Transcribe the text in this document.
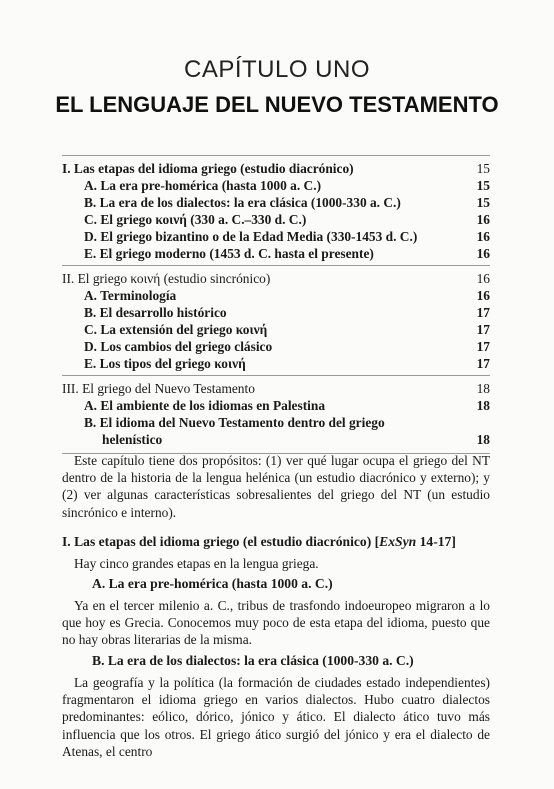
CAPÍTULO UNO
EL LENGUAJE DEL NUEVO TESTAMENTO
I. Las etapas del idioma griego (estudio diacrónico)	15
A. La era pre-homérica (hasta 1000 a. C.)	15
B. La era de los dialectos: la era clásica (1000-330 a. C.)	15
C. El griego κοινή (330 a. C.–330 d. C.)	16
D. El griego bizantino o de la Edad Media (330-1453 d. C.)	16
E. El griego moderno (1453 d. C. hasta el presente)	16
II. El griego κοινή (estudio sincrónico)	16
A. Terminología	16
B. El desarrollo histórico	17
C. La extensión del griego κοινή	17
D. Los cambios del griego clásico	17
E. Los tipos del griego κοινή	17
III. El griego del Nuevo Testamento	18
A. El ambiente de los idiomas en Palestina	18
B. El idioma del Nuevo Testamento dentro del griego
helenístico	18

Este capítulo tiene dos propósitos: (1) ver qué lugar ocupa el griego del NT dentro de la historia de la lengua helénica (un estudio diacrónico y externo); y (2) ver algunas características sobresalientes del griego del NT (un estudio sincrónico e interno).

I. Las etapas del idioma griego (el estudio diacrónico) [ExSyn 14-17]

Hay cinco grandes etapas en la lengua griega.

A. La era pre-homérica (hasta 1000 a. C.)

Ya en el tercer milenio a. C., tribus de trasfondo indoeuropeo migraron a lo que hoy es Grecia. Conocemos muy poco de esta etapa del idioma, puesto que no hay obras literarias de la misma.

B. La era de los dialectos: la era clásica (1000-330 a. C.)

La geografía y la política (la formación de ciudades estado independientes) fragmentaron el idioma griego en varios dialectos. Hubo cuatro dialectos predominantes: eólico, dórico, jónico y ático. El dialecto ático tuvo más influencia que los otros. El griego ático surgió del jónico y era el dialecto de Atenas, el centro
